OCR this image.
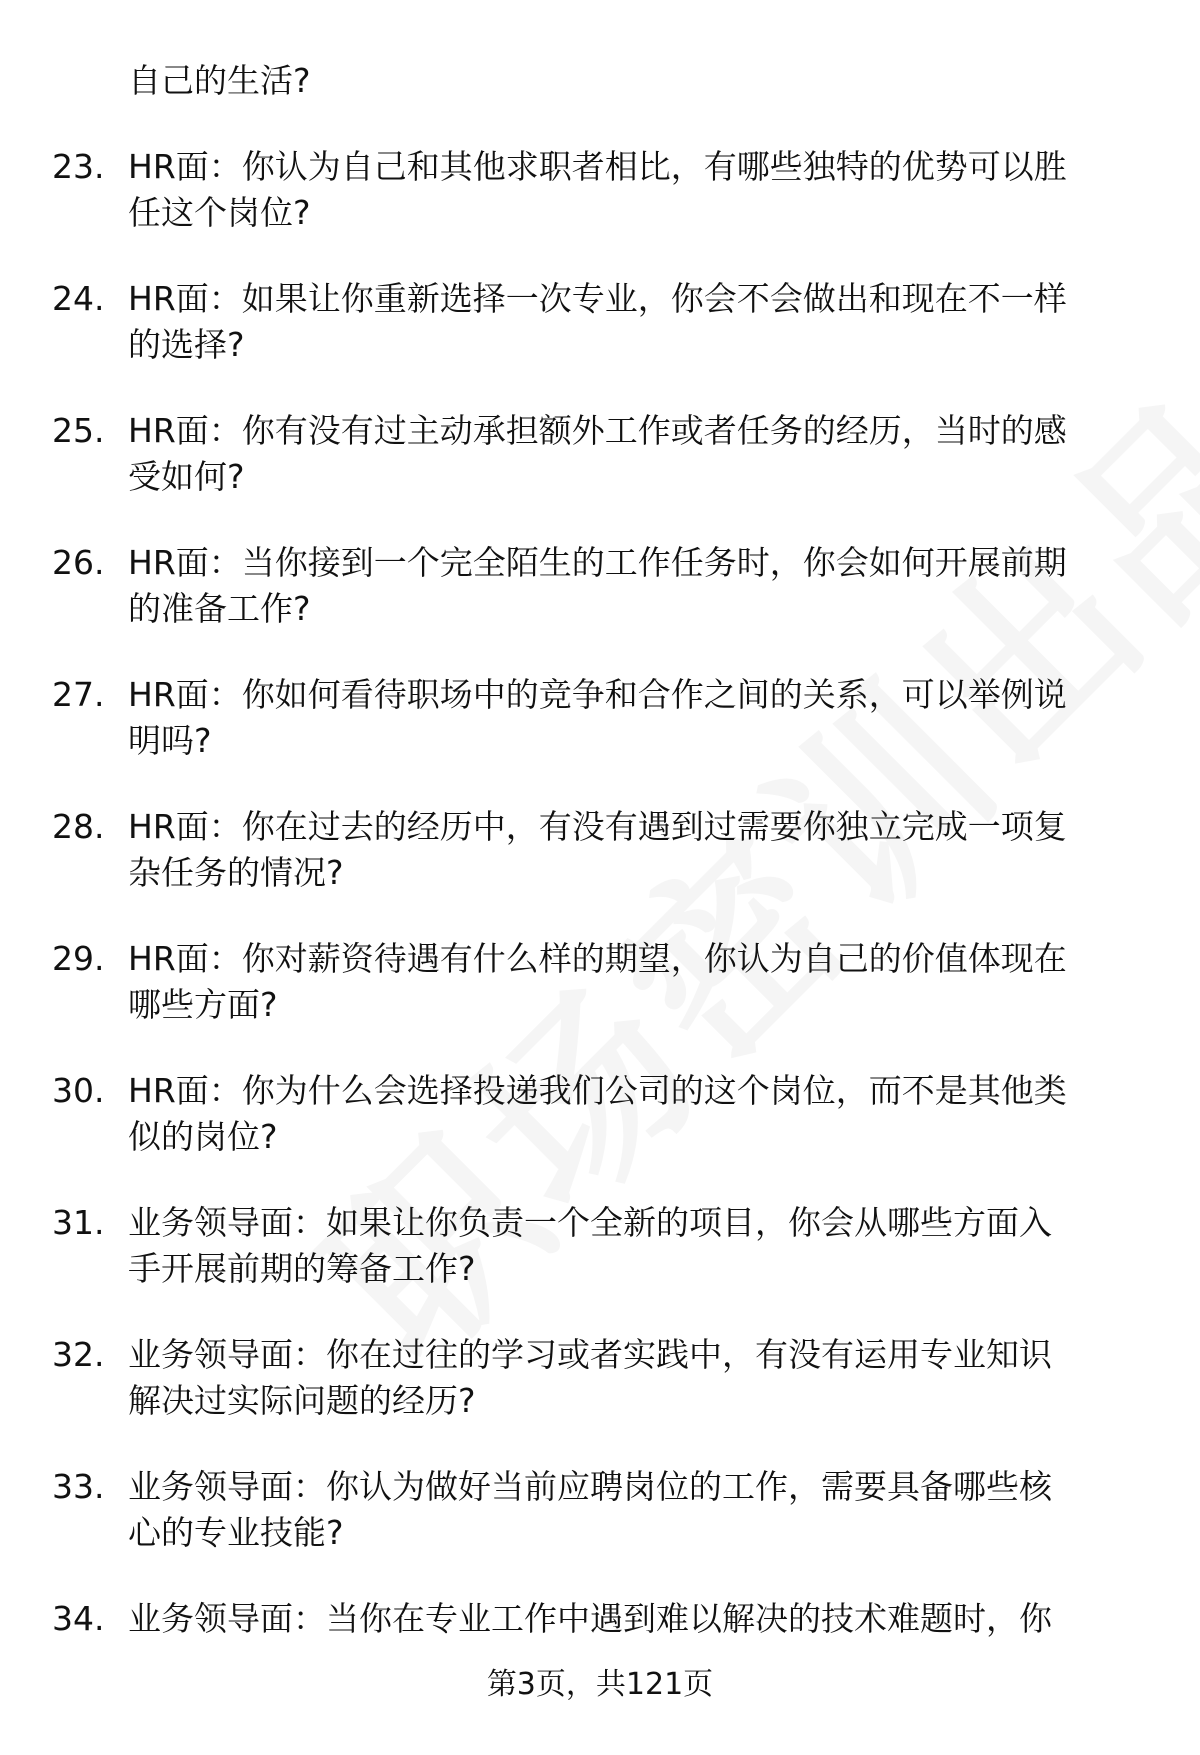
自己的生活?
23. HR面：你认为自己和其他求职者相比，有哪些独特的优势可以胜
任这个岗位?
24. HR面：如果让你重新选择一次专业，你会不会做出和现在不一样
的选择?
25. HR面：你有没有过主动承担额外工作或者任务的经历，当时的感
受如何?
26. HR面：当你接到一个完全陌生的工作任务时，你会如何开展前期
的准备工作?
27. HR面：你如何看待职场中的竞争和合作之间的关系，可以举例说
明吗?
28. HR面：你在过去的经历中，有没有遇到过需要你独立完成一项复
杂任务的情况?
29. HR面：你对薪资待遇有什么样的期望，你认为自己的价值体现在
哪些方面?
30. HR面：你为什么会选择投递我们公司的这个岗位，而不是其他类
似的岗位?
31. 业务领导面：如果让你负责一个全新的项目，你会从哪些方面入
手开展前期的筹备工作?
32. 业务领导面：你在过往的学习或者实践中，有没有运用专业知识
解决过实际问题的经历?
33. 业务领导面：你认为做好当前应聘岗位的工作，需要具备哪些核
心的专业技能?
34. 业务领导面：当你在专业工作中遇到难以解决的技术难题时，你
第3页，共121页
